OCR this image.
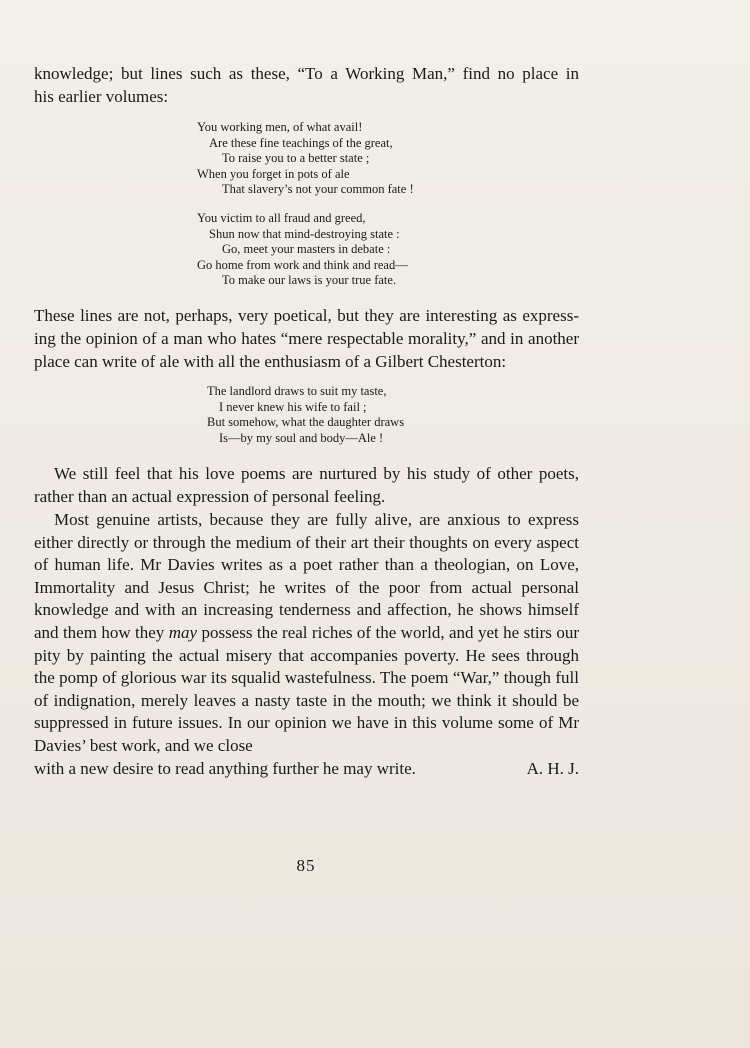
knowledge; but lines such as these, “To a Working Man,” find no place in

his earlier volumes:

You working men, of what avail!
Are these fine teachings of the great,
To raise you to a better state ;
When you forget in pots of ale
That slavery’s not your common fate !
You victim to all fraud and greed,
Shun now that mind-destroying state :
Go, meet your masters in debate :
Go home from work and think and read—
To make our laws is your true fate.

These lines are not, perhaps, very poetical, but they are interesting as express-

ing the opinion of a man who hates “mere respectable morality,” and in another

place can write of ale with all the enthusiasm of a Gilbert Chesterton:

The landlord draws to suit my taste,
I never knew his wife to fail ;
But somehow, what the daughter draws
Is—by my soul and body—Ale !

We still feel that his love poems are nurtured by his study of other poets, rather than an actual expression of personal feeling.

Most genuine artists, because they are fully alive, are anxious to express either directly or through the medium of their art their thoughts on every aspect of human life. Mr Davies writes as a poet rather than a theologian, on Love, Immortality and Jesus Christ; he writes of the poor from actual personal knowledge and with an increasing tenderness and affection, he shows himself and them how they may possess the real riches of the world, and yet he stirs our pity by painting the actual misery that accompanies poverty. He sees through the pomp of glorious war its squalid wastefulness. The poem “War,” though full of indignation, merely leaves a nasty taste in the mouth; we think it should be suppressed in future issues. In our opinion we have in this volume some of Mr Davies’ best work, and we close
with a new desire to read anything further he may write.	A. H. J.
85
